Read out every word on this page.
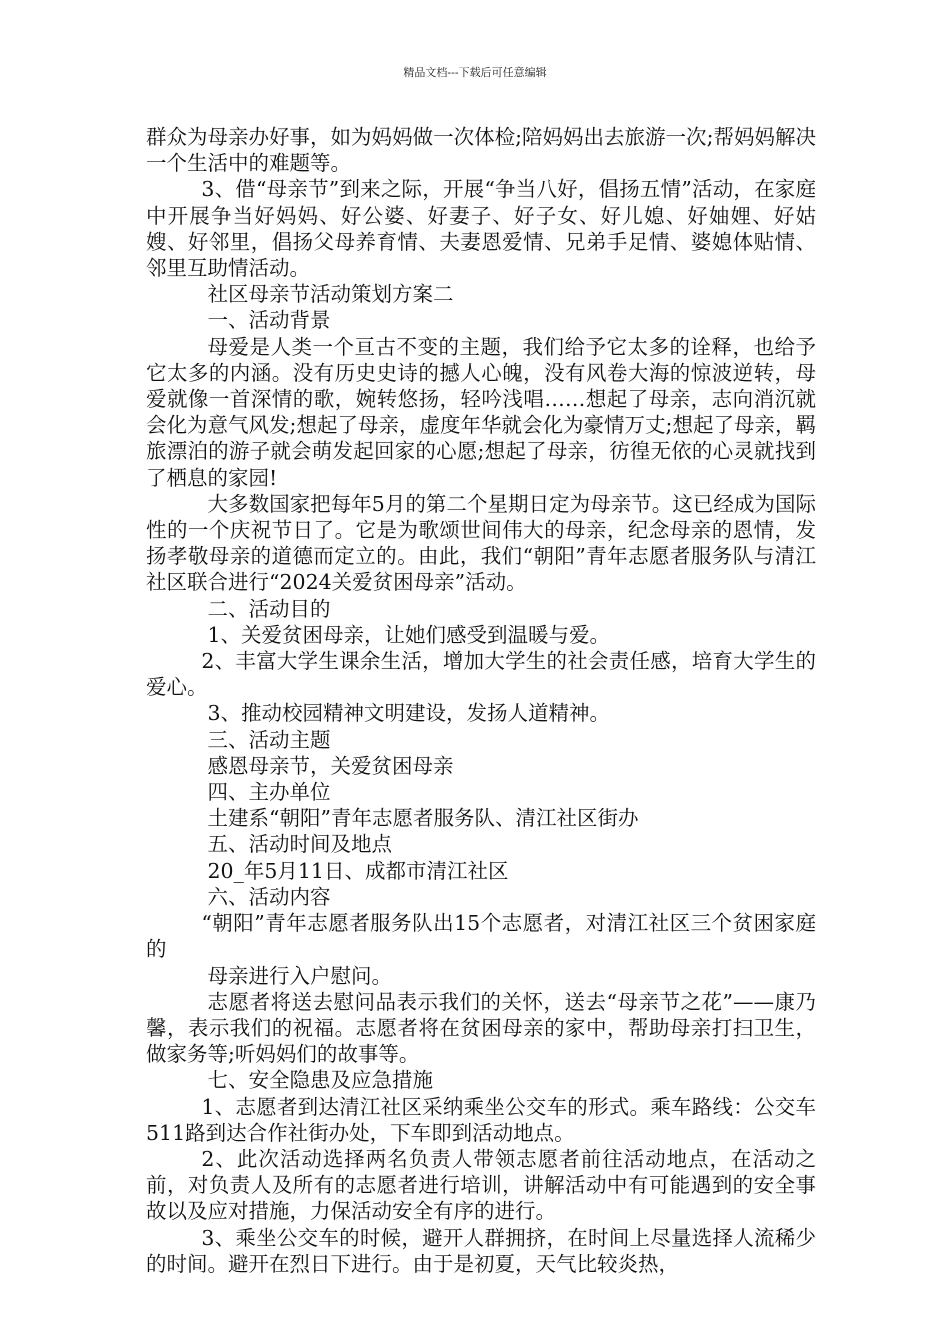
精品文档---下载后可任意编辑

群众为母亲办好事，如为妈妈做一次体检;陪妈妈出去旅游一次;帮妈妈解决一个生活中的难题等。

3、借“母亲节”到来之际，开展“争当八好，倡扬五情”活动，在家庭中开展争当好妈妈、好公婆、好妻子、好子女、好儿媳、好妯娌、好姑嫂、好邻里，倡扬父母养育情、夫妻恩爱情、兄弟手足情、婆媳体贴情、邻里互助情活动。

社区母亲节活动策划方案二

一、活动背景

母爱是人类一个亘古不变的主题，我们给予它太多的诠释，也给予它太多的内涵。没有历史史诗的撼人心魄，没有风卷大海的惊波逆转，母爱就像一首深情的歌，婉转悠扬，轻吟浅唱……想起了母亲，志向消沉就会化为意气风发;想起了母亲，虚度年华就会化为豪情万丈;想起了母亲，羁旅漂泊的游子就会萌发起回家的心愿;想起了母亲，彷徨无依的心灵就找到了栖息的家园!

大多数国家把每年5月的第二个星期日定为母亲节。这已经成为国际性的一个庆祝节日了。它是为歌颂世间伟大的母亲，纪念母亲的恩情，发扬孝敬母亲的道德而定立的。由此，我们“朝阳”青年志愿者服务队与清江社区联合进行“2024关爱贫困母亲”活动。

二、活动目的

1、关爱贫困母亲，让她们感受到温暖与爱。

2、丰富大学生课余生活，增加大学生的社会责任感，培育大学生的爱心。

3、推动校园精神文明建设，发扬人道精神。

三、活动主题

感恩母亲节，关爱贫困母亲

四、主办单位

土建系“朝阳”青年志愿者服务队、清江社区街办

五、活动时间及地点

20_年5月11日、成都市清江社区

六、活动内容

“朝阳”青年志愿者服务队出15个志愿者，对清江社区三个贫困家庭的

母亲进行入户慰问。

志愿者将送去慰问品表示我们的关怀，送去“母亲节之花”——康乃馨，表示我们的祝福。志愿者将在贫困母亲的家中，帮助母亲打扫卫生，做家务等;听妈妈们的故事等。

七、安全隐患及应急措施

1、志愿者到达清江社区采纳乘坐公交车的形式。乘车路线：公交车511路到达合作社街办处，下车即到活动地点。

2、此次活动选择两名负责人带领志愿者前往活动地点，在活动之前，对负责人及所有的志愿者进行培训，讲解活动中有可能遇到的安全事故以及应对措施，力保活动安全有序的进行。

3、乘坐公交车的时候，避开人群拥挤，在时间上尽量选择人流稀少的时间。避开在烈日下进行。由于是初夏，天气比较炎热，
